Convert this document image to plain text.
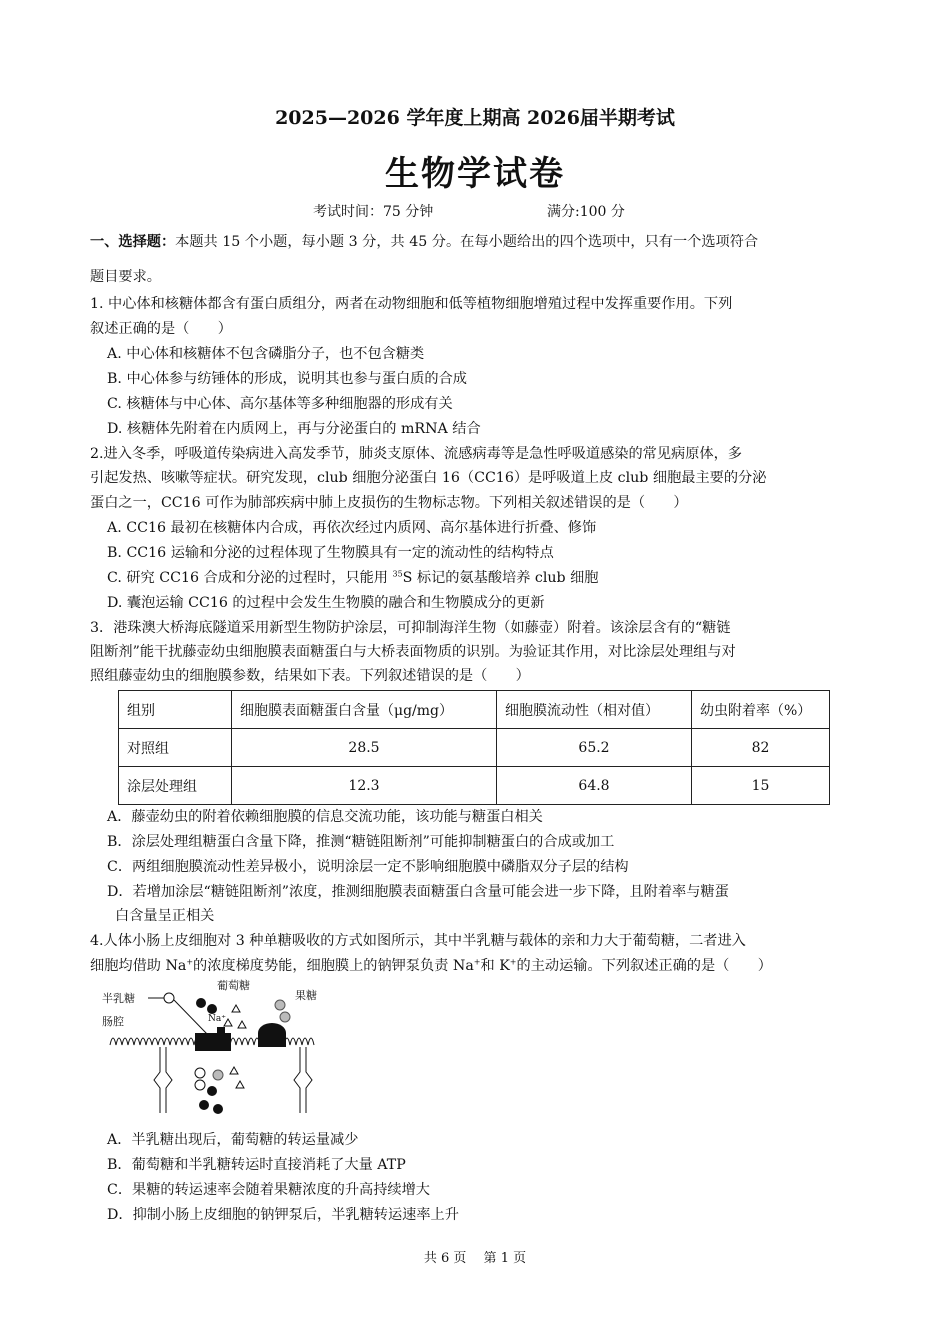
2025—2026 学年度上期高 2026届半期考试
生物学试卷
考试时间：75 分钟	满分:100 分
一、选择题：本题共 15 个小题，每小题 3 分，共 45 分。在每小题给出的四个选项中，只有一个选项符合
题目要求。
1. 中心体和核糖体都含有蛋白质组分，两者在动物细胞和低等植物细胞增殖过程中发挥重要作用。下列
叙述正确的是（　　）
A. 中心体和核糖体不包含磷脂分子，也不包含糖类
B. 中心体参与纺锤体的形成，说明其也参与蛋白质的合成
C. 核糖体与中心体、高尔基体等多种细胞器的形成有关
D. 核糖体先附着在内质网上，再与分泌蛋白的 mRNA 结合
2.进入冬季，呼吸道传染病进入高发季节，肺炎支原体、流感病毒等是急性呼吸道感染的常见病原体，多
引起发热、咳嗽等症状。研究发现，club 细胞分泌蛋白 16（CC16）是呼吸道上皮 club 细胞最主要的分泌
蛋白之一，CC16 可作为肺部疾病中肺上皮损伤的生物标志物。下列相关叙述错误的是（　　）
A. CC16 最初在核糖体内合成，再依次经过内质网、高尔基体进行折叠、修饰
B. CC16 运输和分泌的过程体现了生物膜具有一定的流动性的结构特点
C. 研究 CC16 合成和分泌的过程时，只能用 $^{35}$S 标记的氨基酸培养 club 细胞
D. 囊泡运输 CC16 的过程中会发生生物膜的融合和生物膜成分的更新
3．港珠澳大桥海底隧道采用新型生物防护涂层，可抑制海洋生物（如藤壶）附着。该涂层含有的“糖链
阻断剂”能干扰藤壶幼虫细胞膜表面糖蛋白与大桥表面物质的识别。为验证其作用，对比涂层处理组与对
照组藤壶幼虫的细胞膜参数，结果如下表。下列叙述错误的是（　　）
组别	细胞膜表面糖蛋白含量（μg/mg）	细胞膜流动性（相对值）	幼虫附着率（%）
对照组	28.5	65.2	82
涂层处理组	12.3	64.8	15
A．藤壶幼虫的附着依赖细胞膜的信息交流功能，该功能与糖蛋白相关
B．涂层处理组糖蛋白含量下降，推测“糖链阻断剂”可能抑制糖蛋白的合成或加工
C．两组细胞膜流动性差异极小，说明涂层一定不影响细胞膜中磷脂双分子层的结构
D．若增加涂层“糖链阻断剂”浓度，推测细胞膜表面糖蛋白含量可能会进一步下降，且附着率与糖蛋
白含量呈正相关
4.人体小肠上皮细胞对 3 种单糖吸收的方式如图所示，其中半乳糖与载体的亲和力大于葡萄糖，二者进入
细胞均借助 Na+的浓度梯度势能，细胞膜上的钠钾泵负责 Na+和 K+的主动运输。下列叙述正确的是（　　）
半乳糖
肠腔
葡萄糖
果糖
Na⁺
A．半乳糖出现后，葡萄糖的转运量减少
B．葡萄糖和半乳糖转运时直接消耗了大量 ATP
C．果糖的转运速率会随着果糖浓度的升高持续增大
D．抑制小肠上皮细胞的钠钾泵后，半乳糖转运速率上升
共 6 页　 第 1 页
